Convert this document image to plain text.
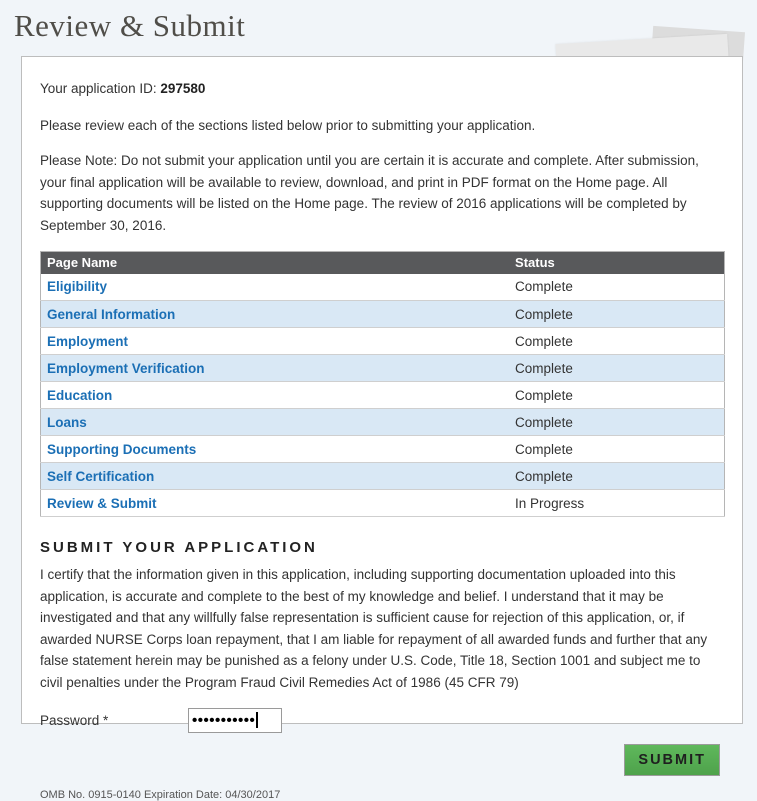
Review & Submit

Your application ID: 297580

Please review each of the sections listed below prior to submitting your application.

Please Note: Do not submit your application until you are certain it is accurate and complete. After submission, your final application will be available to review, download, and print in PDF format on the Home page. All supporting documents will be listed on the Home page. The review of 2016 applications will be completed by September 30, 2016.

Page Name	Status
Eligibility	Complete
General Information	Complete
Employment	Complete
Employment Verification	Complete
Education	Complete
Loans	Complete
Supporting Documents	Complete
Self Certification	Complete
Review & Submit	In Progress
SUBMIT YOUR APPLICATION

I certify that the information given in this application, including supporting documentation uploaded into this application, is accurate and complete to the best of my knowledge and belief. I understand that it may be investigated and that any willfully false representation is sufficient cause for rejection of this application, or, if awarded NURSE Corps loan repayment, that I am liable for repayment of all awarded funds and further that any false statement herein may be punished as a felony under U.S. Code, Title 18, Section 1001 and subject me to civil penalties under the Program Fraud Civil Remedies Act of 1986 (45 CFR 79)

Password *	•••••••••••
SUBMIT

OMB No. 0915-0140 Expiration Date: 04/30/2017
